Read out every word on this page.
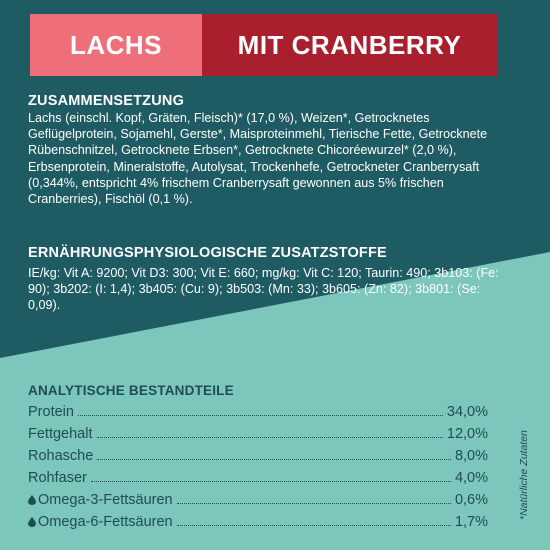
LACHS	MIT CRANBERRY
ZUSAMMENSETZUNG
Lachs (einschl. Kopf, Gräten, Fleisch)* (17,0 %), Weizen*, Getrocknetes Geflügelprotein, Sojamehl, Gerste*, Maisproteinmehl, Tierische Fette, Getrocknete Rübenschnitzel, Getrocknete Erbsen*, Getrocknete Chicoréewurzel* (2,0 %), Erbsenprotein, Mineralstoffe, Autolysat, Trockenhefe, Getrockneter Cranberrysaft (0,344%, entspricht 4% frischem Cranberrysaft gewonnen aus 5% frischen Cranberries), Fischöl (0,1 %).
ERNÄHRUNGSPHYSIOLOGISCHE ZUSATZSTOFFE
IE/kg: Vit A: 9200; Vit D3: 300; Vit E: 660; mg/kg: Vit C: 120; Taurin: 490; 3b103: (Fe: 90); 3b202: (I: 1,4); 3b405: (Cu: 9); 3b503: (Mn: 33); 3b605: (Zn: 82); 3b801: (Se: 0,09).
ANALYTISCHE BESTANDTEILE
Protein	34,0%
Fettgehalt	12,0%
Rohasche	8,0%
Rohfaser	4,0%
Omega-3-Fettsäuren	0,6%
Omega-6-Fettsäuren	1,7%
*Natürliche Zutaten
